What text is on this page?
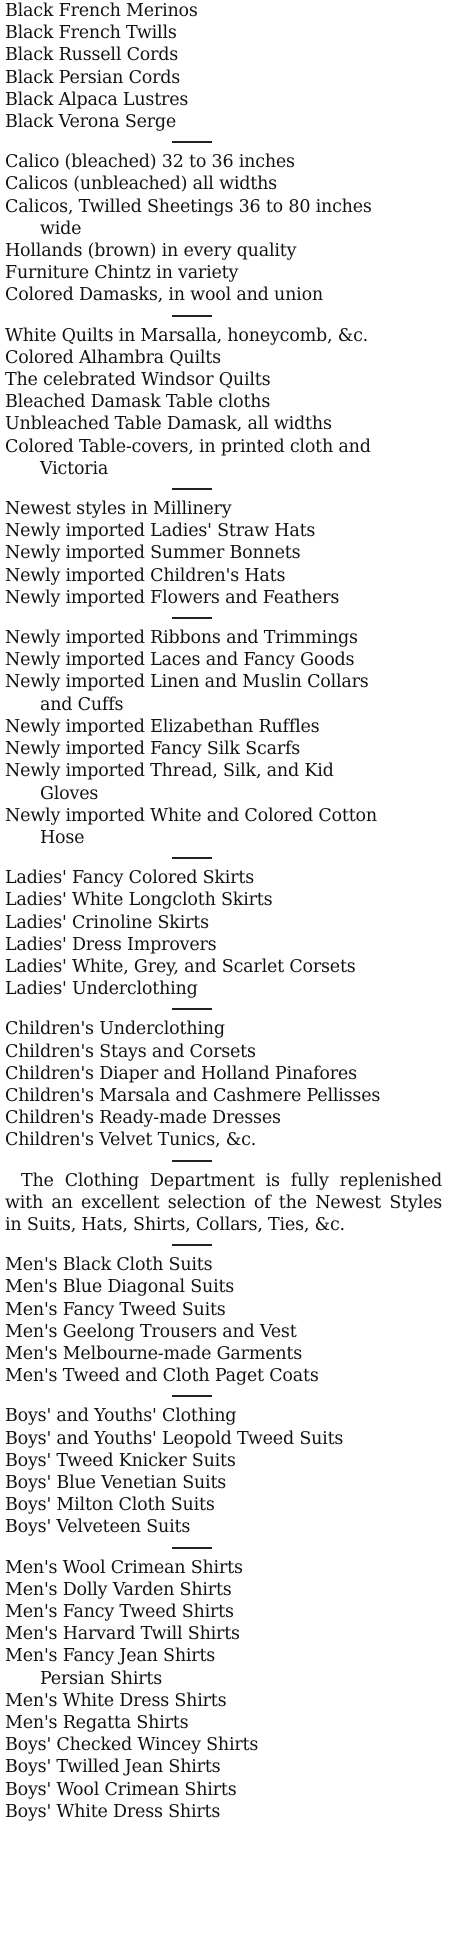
Black French Merinos
Black French Twills
Black Russell Cords
Black Persian Cords
Black Alpaca Lustres
Black Verona Serge
Calico (bleached) 32 to 36 inches
Calicos (unbleached) all widths
Calicos, Twilled Sheetings 36 to 80 inches
wide
Hollands (brown) in every quality
Furniture Chintz in variety
Colored Damasks, in wool and union
White Quilts in Marsalla, honeycomb, &c.
Colored Alhambra Quilts
The celebrated Windsor Quilts
Bleached Damask Table cloths
Unbleached Table Damask, all widths
Colored Table-covers, in printed cloth and
Victoria
Newest styles in Millinery
Newly imported Ladies' Straw Hats
Newly imported Summer Bonnets
Newly imported Children's Hats
Newly imported Flowers and Feathers
Newly imported Ribbons and Trimmings
Newly imported Laces and Fancy Goods
Newly imported Linen and Muslin Collars
and Cuffs
Newly imported Elizabethan Ruffles
Newly imported Fancy Silk Scarfs
Newly imported Thread, Silk, and Kid
Gloves
Newly imported White and Colored Cotton
Hose
Ladies' Fancy Colored Skirts
Ladies' White Longcloth Skirts
Ladies' Crinoline Skirts
Ladies' Dress Improvers
Ladies' White, Grey, and Scarlet Corsets
Ladies' Underclothing
Children's Underclothing
Children's Stays and Corsets
Children's Diaper and Holland Pinafores
Children's Marsala and Cashmere Pellisses
Children's Ready-made Dresses
Children's Velvet Tunics, &c.
The Clothing Department is fully replenished with an excellent selection of the Newest Styles in Suits, Hats, Shirts, Collars, Ties, &c.
Men's Black Cloth Suits
Men's Blue Diagonal Suits
Men's Fancy Tweed Suits
Men's Geelong Trousers and Vest
Men's Melbourne-made Garments
Men's Tweed and Cloth Paget Coats
Boys' and Youths' Clothing
Boys' and Youths' Leopold Tweed Suits
Boys' Tweed Knicker Suits
Boys' Blue Venetian Suits
Boys' Milton Cloth Suits
Boys' Velveteen Suits
Men's Wool Crimean Shirts
Men's Dolly Varden Shirts
Men's Fancy Tweed Shirts
Men's Harvard Twill Shirts
Men's Fancy Jean Shirts
Persian Shirts
Men's White Dress Shirts
Men's Regatta Shirts
Boys' Checked Wincey Shirts
Boys' Twilled Jean Shirts
Boys' Wool Crimean Shirts
Boys' White Dress Shirts
